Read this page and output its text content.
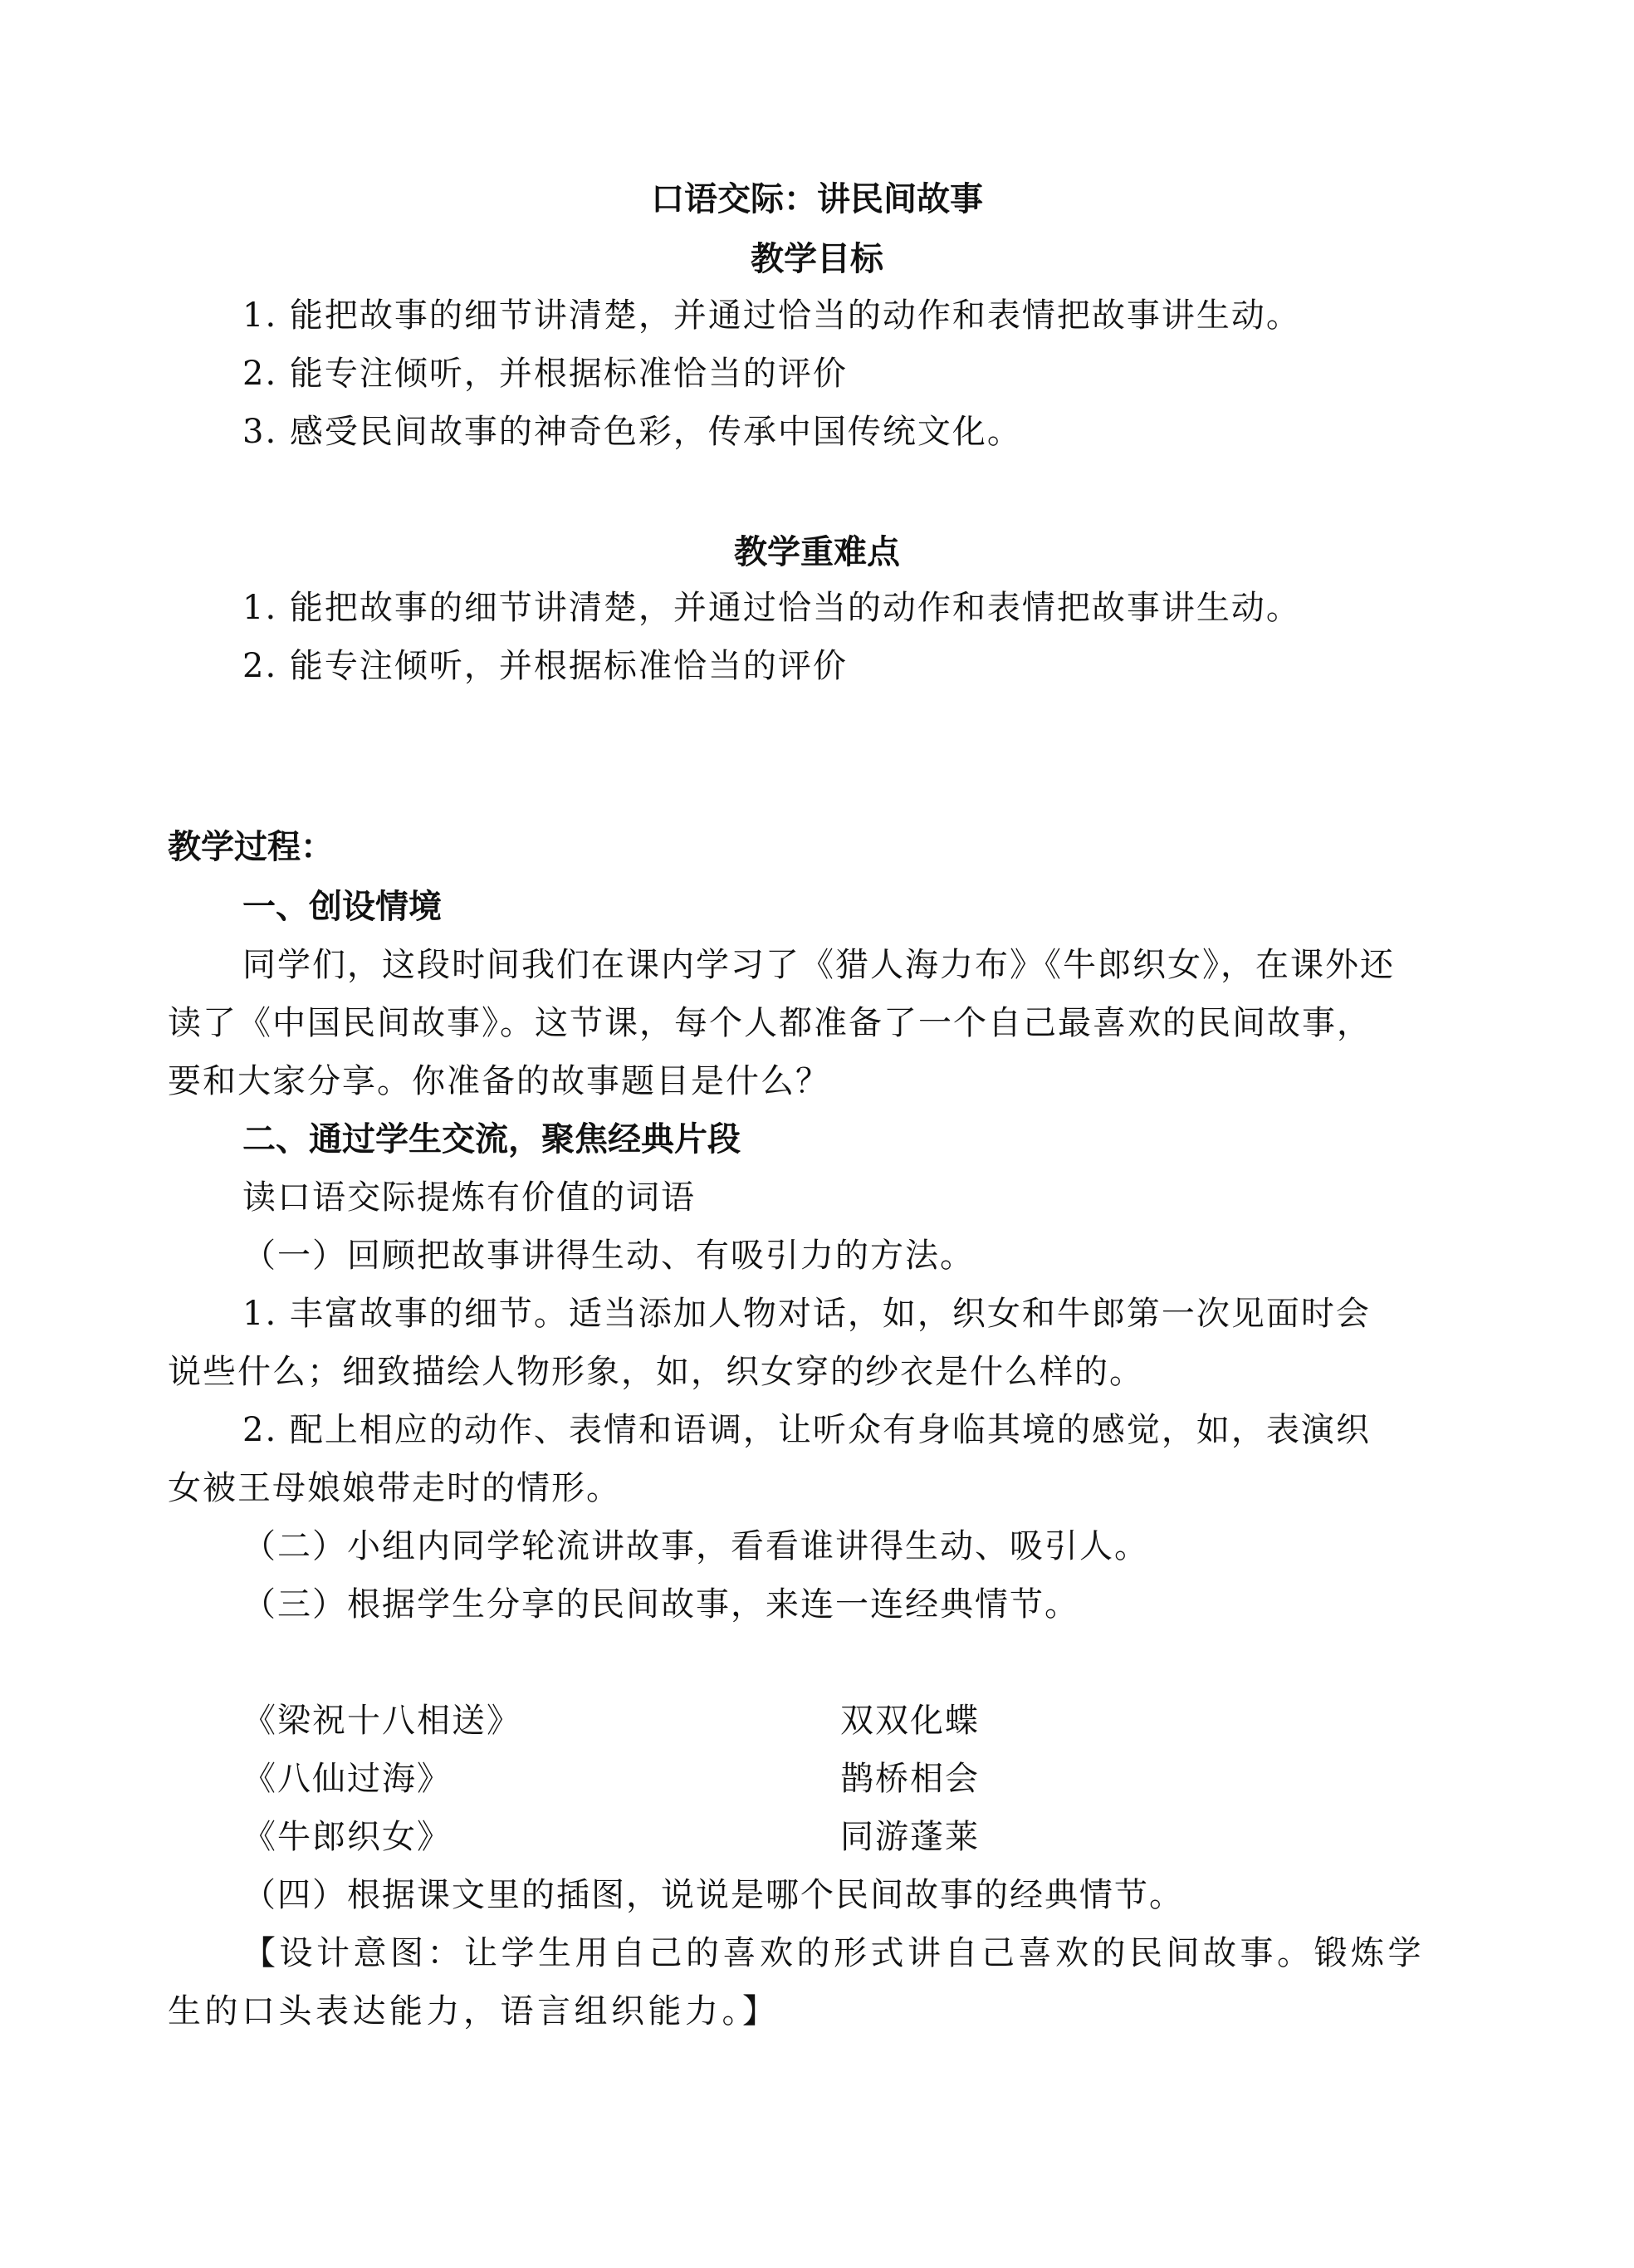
口语交际：讲民间故事
教学目标
1. 能把故事的细节讲清楚，并通过恰当的动作和表情把故事讲生动。
2. 能专注倾听，并根据标准恰当的评价
3. 感受民间故事的神奇色彩，传承中国传统文化。
教学重难点
1. 能把故事的细节讲清楚，并通过恰当的动作和表情把故事讲生动。
2. 能专注倾听，并根据标准恰当的评价
教学过程：
一、创设情境
同学们，这段时间我们在课内学习了《猎人海力布》《牛郎织女》，在课外还
读了《中国民间故事》。这节课，每个人都准备了一个自己最喜欢的民间故事，
要和大家分享。你准备的故事题目是什么？
二、通过学生交流，聚焦经典片段
读口语交际提炼有价值的词语
（一）回顾把故事讲得生动、有吸引力的方法。
1. 丰富故事的细节。适当添加人物对话，如，织女和牛郎第一次见面时会
说些什么；细致描绘人物形象，如，织女穿的纱衣是什么样的。
2. 配上相应的动作、表情和语调，让听众有身临其境的感觉，如，表演织
女被王母娘娘带走时的情形。
（二）小组内同学轮流讲故事，看看谁讲得生动、吸引人。
（三）根据学生分享的民间故事，来连一连经典情节。
《梁祝十八相送》	双双化蝶
《八仙过海》	鹊桥相会
《牛郎织女》	同游蓬莱
（四）根据课文里的插图，说说是哪个民间故事的经典情节。
【设计意图：让学生用自己的喜欢的形式讲自己喜欢的民间故事。锻炼学
生的口头表达能力，语言组织能力。】
